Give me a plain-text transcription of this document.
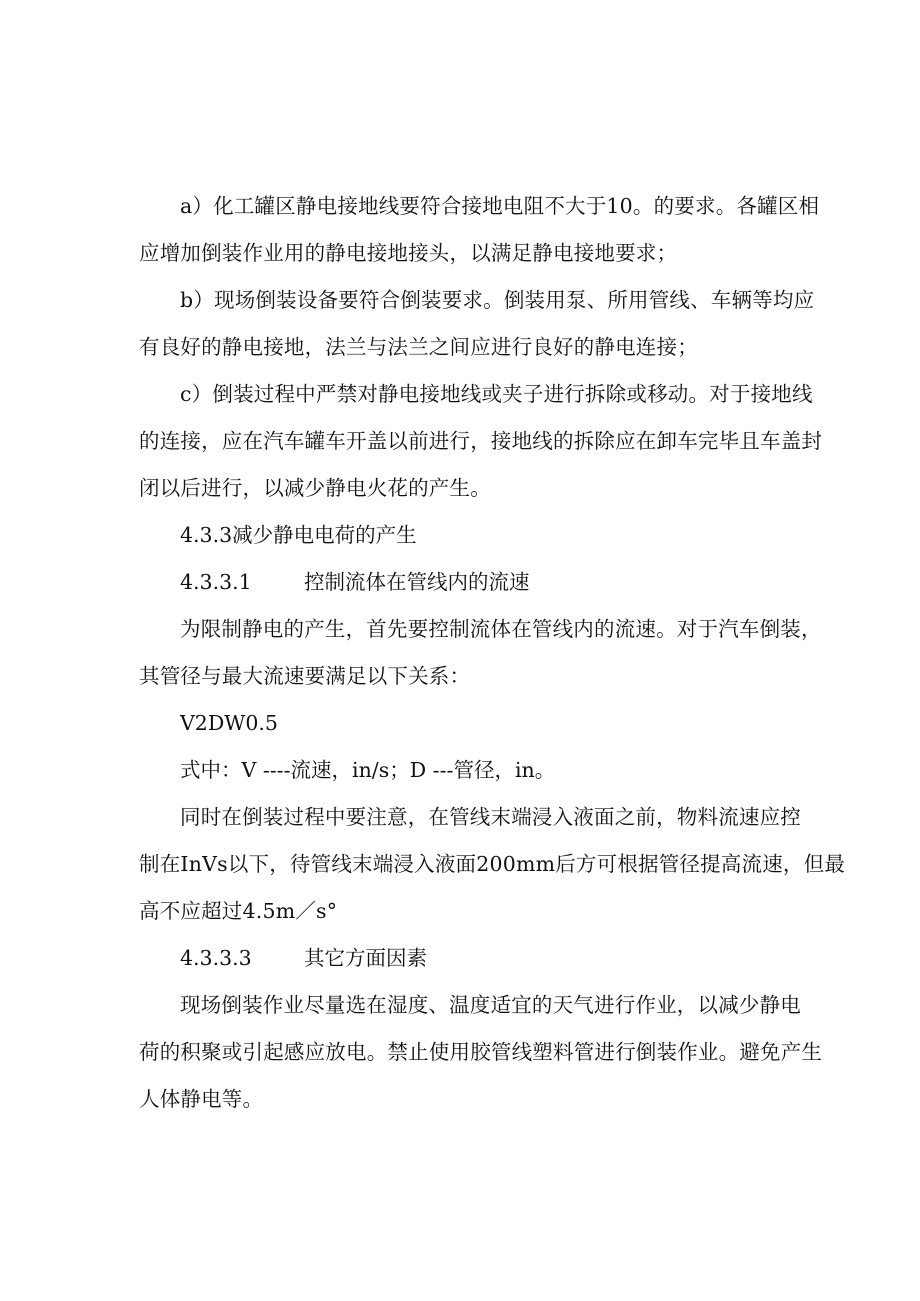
a）化工罐区静电接地线要符合接地电阻不大于10。的要求。各罐区相
应增加倒装作业用的静电接地接头，以满足静电接地要求；

b）现场倒装设备要符合倒装要求。倒装用泵、所用管线、车辆等均应
有良好的静电接地，法兰与法兰之间应进行良好的静电连接；

c）倒装过程中严禁对静电接地线或夹子进行拆除或移动。对于接地线
的连接，应在汽车罐车开盖以前进行，接地线的拆除应在卸车完毕且车盖封
闭以后进行，以减少静电火花的产生。

4.3.3减少静电电荷的产生

4.3.3.1	控制流体在管线内的流速

为限制静电的产生，首先要控制流体在管线内的流速。对于汽车倒装，
其管径与最大流速要满足以下关系：

V2DW0.5

式中：V ----流速，in/s；D ---管径，in。

同时在倒装过程中要注意，在管线末端浸入液面之前，物料流速应控
制在InVs以下，待管线末端浸入液面200mm后方可根据管径提高流速，但最
高不应超过4.5m／s°

4.3.3.3	其它方面因素

现场倒装作业尽量选在湿度、温度适宜的天气进行作业，以减少静电
荷的积聚或引起感应放电。禁止使用胶管线塑料管进行倒装作业。避免产生
人体静电等。
